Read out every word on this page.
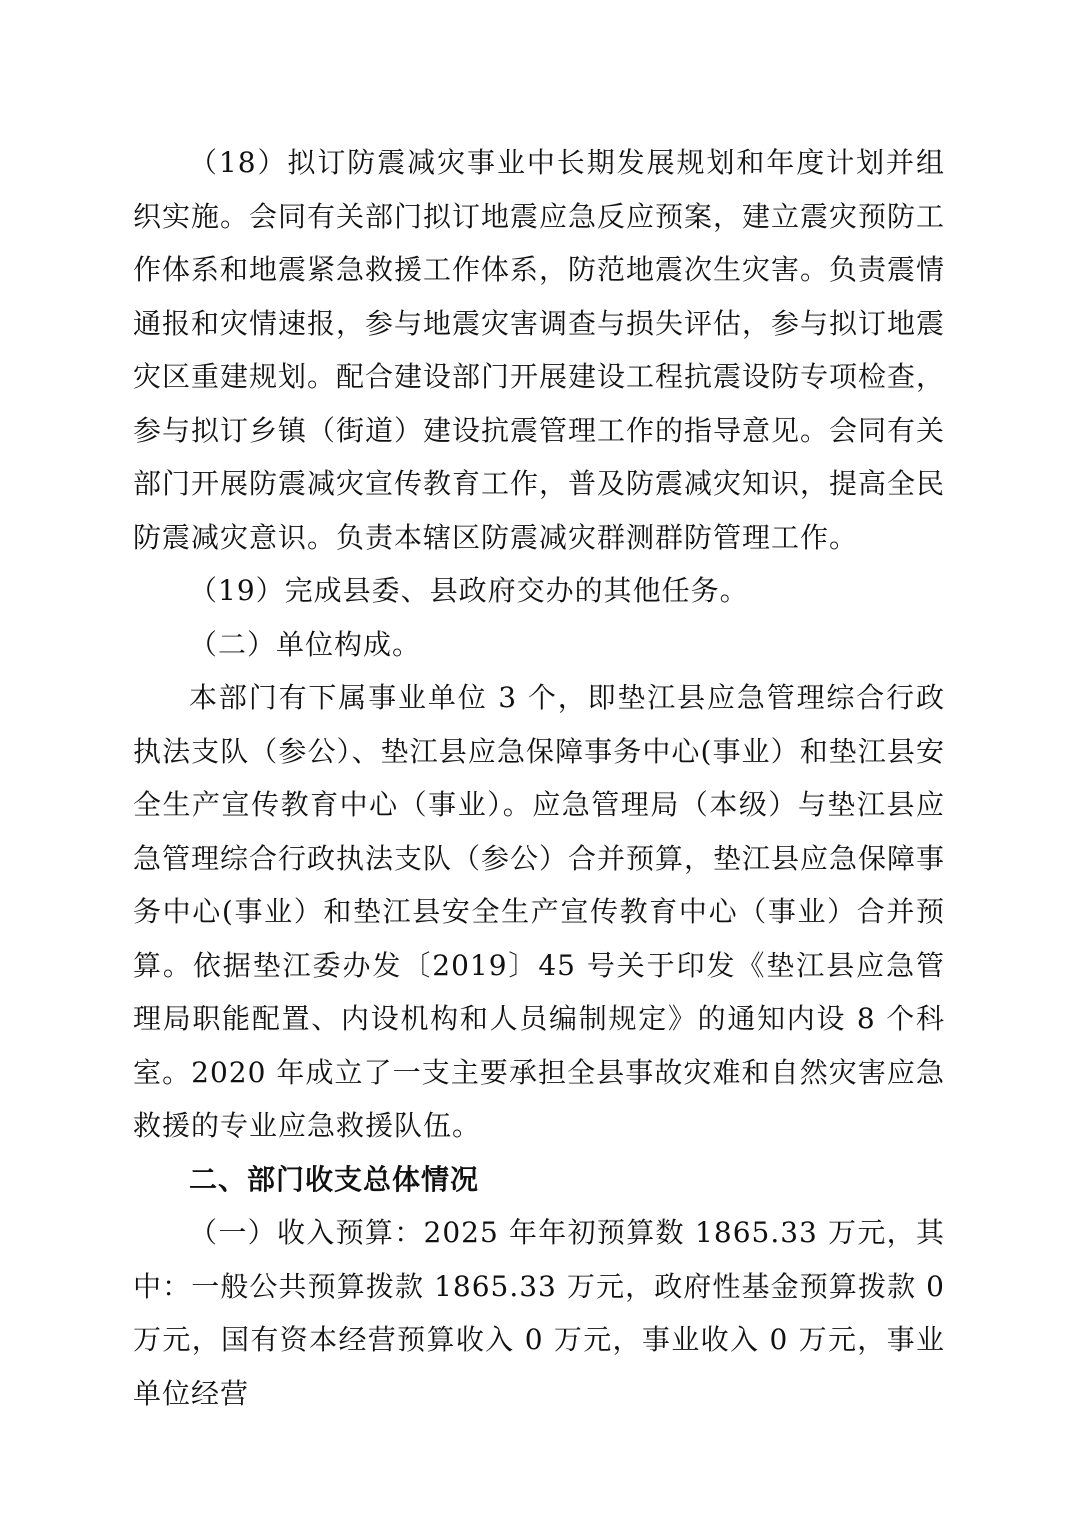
（18）拟订防震减灾事业中长期发展规划和年度计划并组织实施。会同有关部门拟订地震应急反应预案，建立震灾预防工作体系和地震紧急救援工作体系，防范地震次生灾害。负责震情通报和灾情速报，参与地震灾害调查与损失评估，参与拟订地震灾区重建规划。配合建设部门开展建设工程抗震设防专项检查，参与拟订乡镇（街道）建设抗震管理工作的指导意见。会同有关部门开展防震减灾宣传教育工作，普及防震减灾知识，提高全民防震减灾意识。负责本辖区防震减灾群测群防管理工作。

（19）完成县委、县政府交办的其他任务。

（二）单位构成。

本部门有下属事业单位 3 个，即垫江县应急管理综合行政执法支队（参公）、垫江县应急保障事务中心(事业）和垫江县安全生产宣传教育中心（事业）。应急管理局（本级）与垫江县应急管理综合行政执法支队（参公）合并预算，垫江县应急保障事务中心(事业）和垫江县安全生产宣传教育中心（事业）合并预算。依据垫江委办发〔2019〕45 号关于印发《垫江县应急管理局职能配置、内设机构和人员编制规定》的通知内设 8 个科室。2020 年成立了一支主要承担全县事故灾难和自然灾害应急救援的专业应急救援队伍。

二、部门收支总体情况

（一）收入预算：2025 年年初预算数 1865.33 万元，其中：一般公共预算拨款 1865.33 万元，政府性基金预算拨款 0 万元，国有资本经营预算收入 0 万元，事业收入 0 万元，事业单位经营
